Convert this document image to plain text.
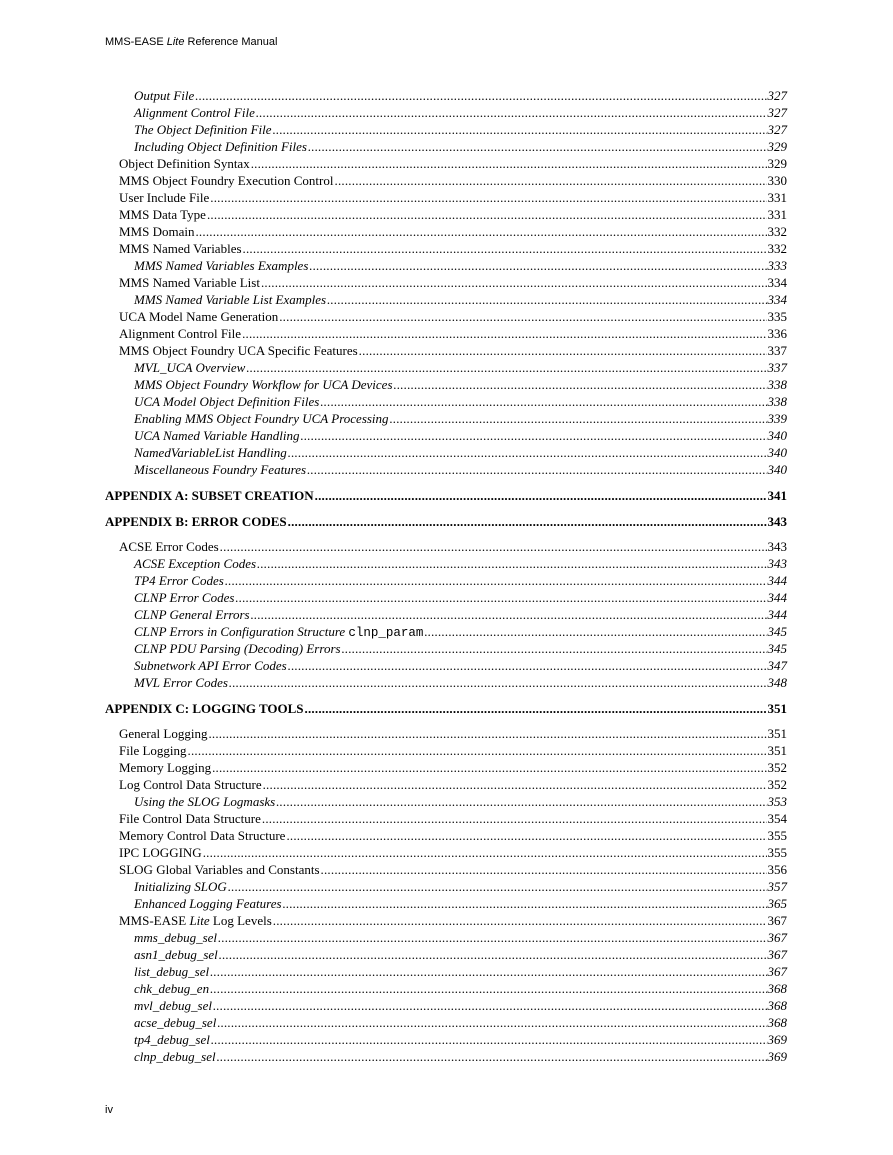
MMS-EASE Lite Reference Manual
Output File .....	327
Alignment Control File .....	327
The Object Definition File .....	327
Including Object Definition Files .....	329
Object Definition Syntax .....	329
MMS Object Foundry Execution Control .....	330
User Include File .....	331
MMS Data Type .....	331
MMS Domain .....	332
MMS Named Variables .....	332
MMS Named Variables Examples .....	333
MMS Named Variable List .....	334
MMS Named Variable List Examples .....	334
UCA Model Name Generation .....	335
Alignment Control File .....	336
MMS Object Foundry UCA Specific Features .....	337
MVL_UCA Overview .....	337
MMS Object Foundry Workflow for UCA Devices .....	338
UCA Model Object Definition Files .....	338
Enabling MMS Object Foundry UCA Processing .....	339
UCA Named Variable Handling .....	340
NamedVariableList Handling .....	340
Miscellaneous Foundry Features .....	340
APPENDIX A: SUBSET CREATION .....	341
APPENDIX B: ERROR CODES .....	343
ACSE Error Codes .....	343
ACSE Exception Codes .....	343
TP4 Error Codes .....	344
CLNP Error Codes .....	344
CLNP General Errors .....	344
CLNP Errors in Configuration Structure clnp_param .....	345
CLNP PDU Parsing (Decoding) Errors .....	345
Subnetwork API Error Codes .....	347
MVL Error Codes .....	348
APPENDIX C: LOGGING TOOLS .....	351
General Logging .....	351
File Logging .....	351
Memory Logging .....	352
Log Control Data Structure .....	352
Using the SLOG Logmasks .....	353
File Control Data Structure .....	354
Memory Control Data Structure .....	355
IPC LOGGING .....	355
SLOG Global Variables and Constants .....	356
Initializing SLOG .....	357
Enhanced Logging Features .....	365
MMS-EASE Lite Log Levels .....	367
mms_debug_sel .....	367
asn1_debug_sel .....	367
list_debug_sel .....	367
chk_debug_en .....	368
mvl_debug_sel .....	368
acse_debug_sel .....	368
tp4_debug_sel .....	369
clnp_debug_sel .....	369
iv
